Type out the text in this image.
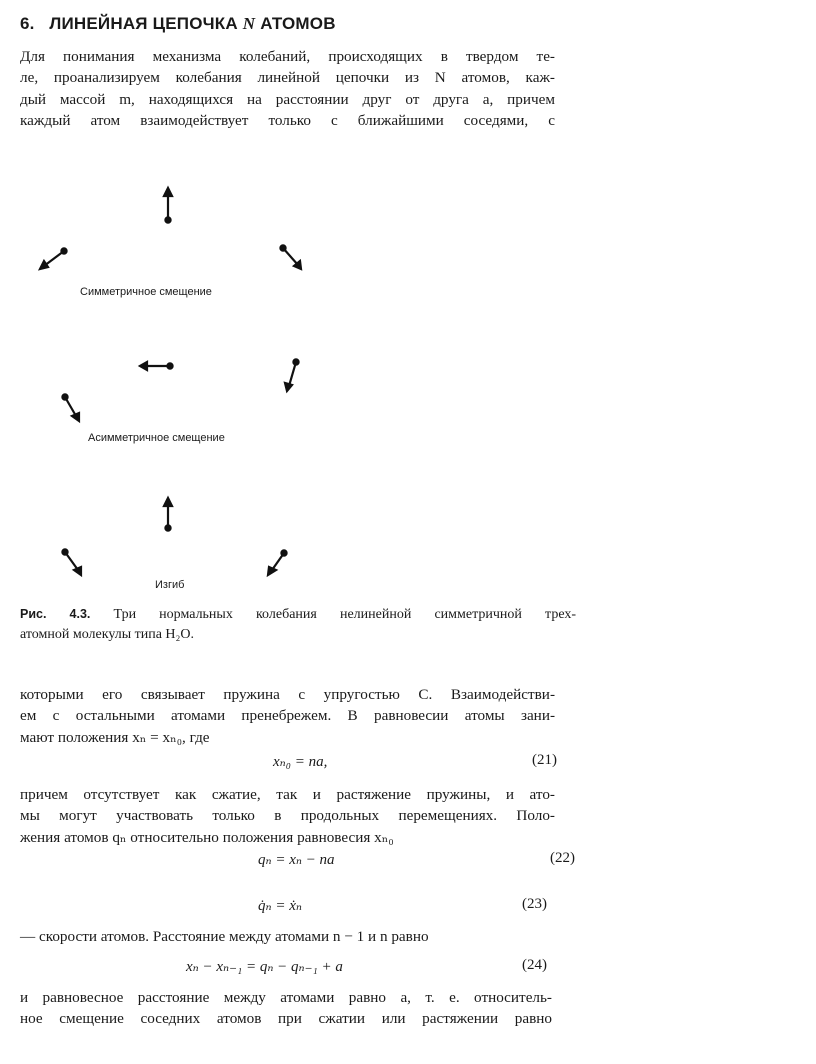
6. ЛИНЕЙНАЯ ЦЕПОЧКА N АТОМОВ
Для понимания механизма колебаний, происходящих в твердом те-
ле, проанализируем колебания линейной цепочки из N атомов, каж-
дый массой m, находящихся на расстоянии друг от друга a, причем
каждый атом взаимодействует только с ближайшими соседями, с
Симметричное смещение
Асимметричное смещение
Изгиб
Рис. 4.3. Три нормальных колебания нелинейной симметричной трех-
атомной молекулы типа H₂O.
которыми его связывает пружина с упругостью C. Взаимодействи-
ем с остальными атомами пренебрежем. В равновесии атомы зани-
мают положения xₙ = xₙ₀, где
xₙ₀ = na,	(21)
причем отсутствует как сжатие, так и растяжение пружины, и ато-
мы могут участвовать только в продольных перемещениях. Поло-
жения атомов qₙ относительно положения равновесия xₙ₀
qₙ = xₙ − na	(22)
q̇ₙ = ẋₙ	(23)
— скорости атомов. Расстояние между атомами n − 1 и n равно
xₙ − xₙ₋₁ = qₙ − qₙ₋₁ + a	(24)
и равновесное расстояние между атомами равно a, т. е. относитель-
ное смещение соседних атомов при сжатии или растяжении равно
